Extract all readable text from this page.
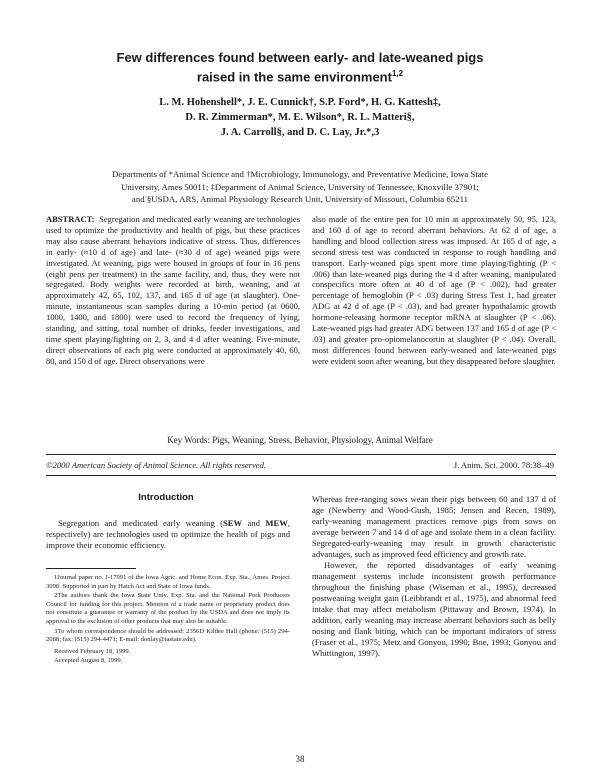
Few differences found between early- and late-weaned pigs
raised in the same environment$^{1,2}$
L. M. Hohenshell*, J. E. Cunnick†, S.P. Ford*, H. G. Kattesh‡,
D. R. Zimmerman*, M. E. Wilson*, R. L. Matteri§,
J. A. Carroll§, and D. C. Lay, Jr.*,3
Departments of *Animal Science and †Microbiology, Immunology, and Preventative Medicine, Iowa State
University, Ames 50011; ‡Department of Animal Science, University of Tennessee, Knoxville 37901;
and §USDA, ARS, Animal Physiology Research Unit, University of Missouri, Columbia 65211
ABSTRACT: Segregation and medicated early weaning are technologies used to optimize the productivity and health of pigs, but these practices may also cause aberrant behaviors indicative of stress. Thus, differences in early- (≈10 d of age) and late- (≈30 d of age) weaned pigs were investigated. At weaning, pigs were housed in groups of four in 16 pens (eight pens per treatment) in the same facility, and, thus, they were not segregated. Body weights were recorded at birth, weaning, and at approximately 42, 65, 102, 137, and 165 d of age (at slaughter). One-minute, instantaneous scan samples during a 10-min period (at 0600, 1000, 1400, and 1800) were used to record the frequency of lying, standing, and sitting, total number of drinks, feeder investigations, and time spent playing/fighting on 2, 3, and 4 d after weaning. Five-minute, direct observations of each pig were conducted at approximately 40, 60, 80, and 150 d of age. Direct observations were
also made of the entire pen for 10 min at approximately 50, 95, 123, and 160 d of age to record aberrant behaviors. At 62 d of age, a handling and blood collection stress was imposed. At 165 d of age, a second stress test was conducted in response to rough handling and transport. Early-weaned pigs spent more time playing/fighting (P < .006) than late-weaned pigs during the 4 d after weaning, manipulated conspecifics more often at 40 d of age (P < .002), had greater percentage of hemoglobin (P < .03) during Stress Test 1, had greater ADG at 42 d of age (P < .03), and had greater hypothalamic growth hormone-releasing hormone receptor mRNA at slaughter (P < .06). Late-weaned pigs had greater ADG between 137 and 165 d of age (P < .03) and greater pro-opiomelanocortin at slaughter (P < .04). Overall, most differences found between early-weaned and late-weaned pigs were evident soon after weaning, but they disappeared before slaughter.
Key Words: Pigs, Weaning, Stress, Behavior, Physiology, Animal Welfare
©2000 American Society of Animal Science. All rights reserved.	J. Anim. Sci. 2000. 78:38–49
Introduction
Segregation and medicated early weaning (SEW and MEW, respectively) are technologies used to optimize the health of pigs and improve their economic efficiency.

Whereas free-ranging sows wean their pigs between 60 and 137 d of age (Newberry and Wood-Gush, 1985; Jensen and Recen, 1989), early-weaning management practices remove pigs from sows on average between 7 and 14 d of age and isolate them in a clean facility. Segregated-early-weaning may result in growth characteristic advantages, such as improved feed efficiency and growth rate.

However, the reported disadvantages of early weaning management systems include inconsistent growth performance throughout the finishing phase (Wiseman et al., 1995), decreased postweaning weight gain (Leibbrandt et al., 1975), and abnormal feed intake that may affect metabolism (Pittaway and Brown, 1974). In addition, early weaning may increase aberrant behaviors such as belly nosing and flank biting, which can be important indicators of stress (Fraser et al., 1975; Metz and Gonyou, 1990; Boe, 1993; Gonyou and Whittington, 1997).

1Journal paper no. J-17991 of the Iowa Agric. and Home Econ. Exp. Sta., Ames. Project 3090. Supported in part by Hatch Act and State of Iowa funds.

2The authors thank the Iowa State Univ. Exp. Sta. and the National Pork Producers Council for funding for this project. Mention of a trade name or proprietary product does not constitute a guarantee or warranty of the product by the USDA and does not imply its approval to the exclusion of other products that may also be suitable.

3To whom correspondence should be addressed: 2356D Kildee Hall (phone: (515) 294-2088; fax: (515) 294-4471; E-mail: donlay@iastate.edu).

Received February 18, 1999.

Accepted August 8, 1999.

38
